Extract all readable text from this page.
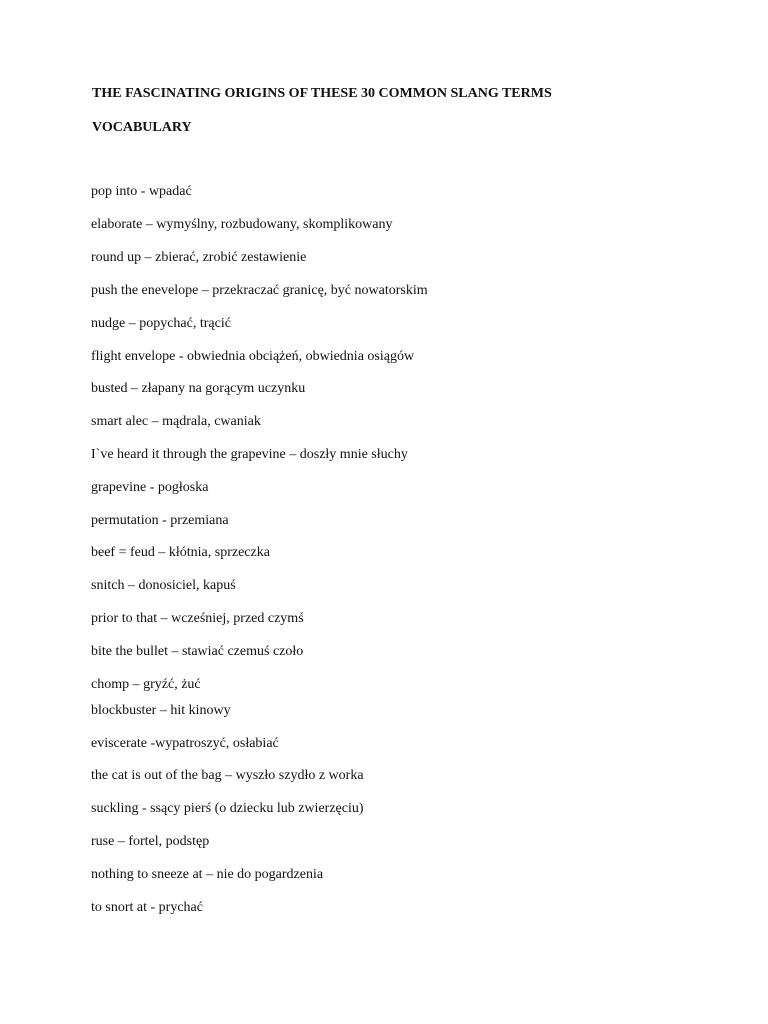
THE FASCINATING ORIGINS OF THESE 30 COMMON SLANG TERMS
VOCABULARY
pop into - wpadać
elaborate – wymyślny, rozbudowany, skomplikowany
round up – zbierać, zrobić zestawienie
push the enevelope – przekraczać granicę, być nowatorskim
nudge – popychać, trącić
flight envelope - obwiednia obciążeń, obwiednia osiągów
busted – złapany na gorącym uczynku
smart alec – mądrala, cwaniak
I`ve heard it through the grapevine – doszły mnie słuchy
grapevine - pogłoska
permutation - przemiana
beef = feud – kłótnia, sprzeczka
snitch – donosiciel, kapuś
prior to that – wcześniej, przed czymś
bite the bullet – stawiać czemuś czoło
chomp – gryźć, żuć
blockbuster – hit kinowy
eviscerate -wypatroszyć, osłabiać
the cat is out of the bag – wyszło szydło z worka
suckling - ssący pierś (o dziecku lub zwierzęciu)
ruse – fortel, podstęp
nothing to sneeze at – nie do pogardzenia
to snort at - prychać
